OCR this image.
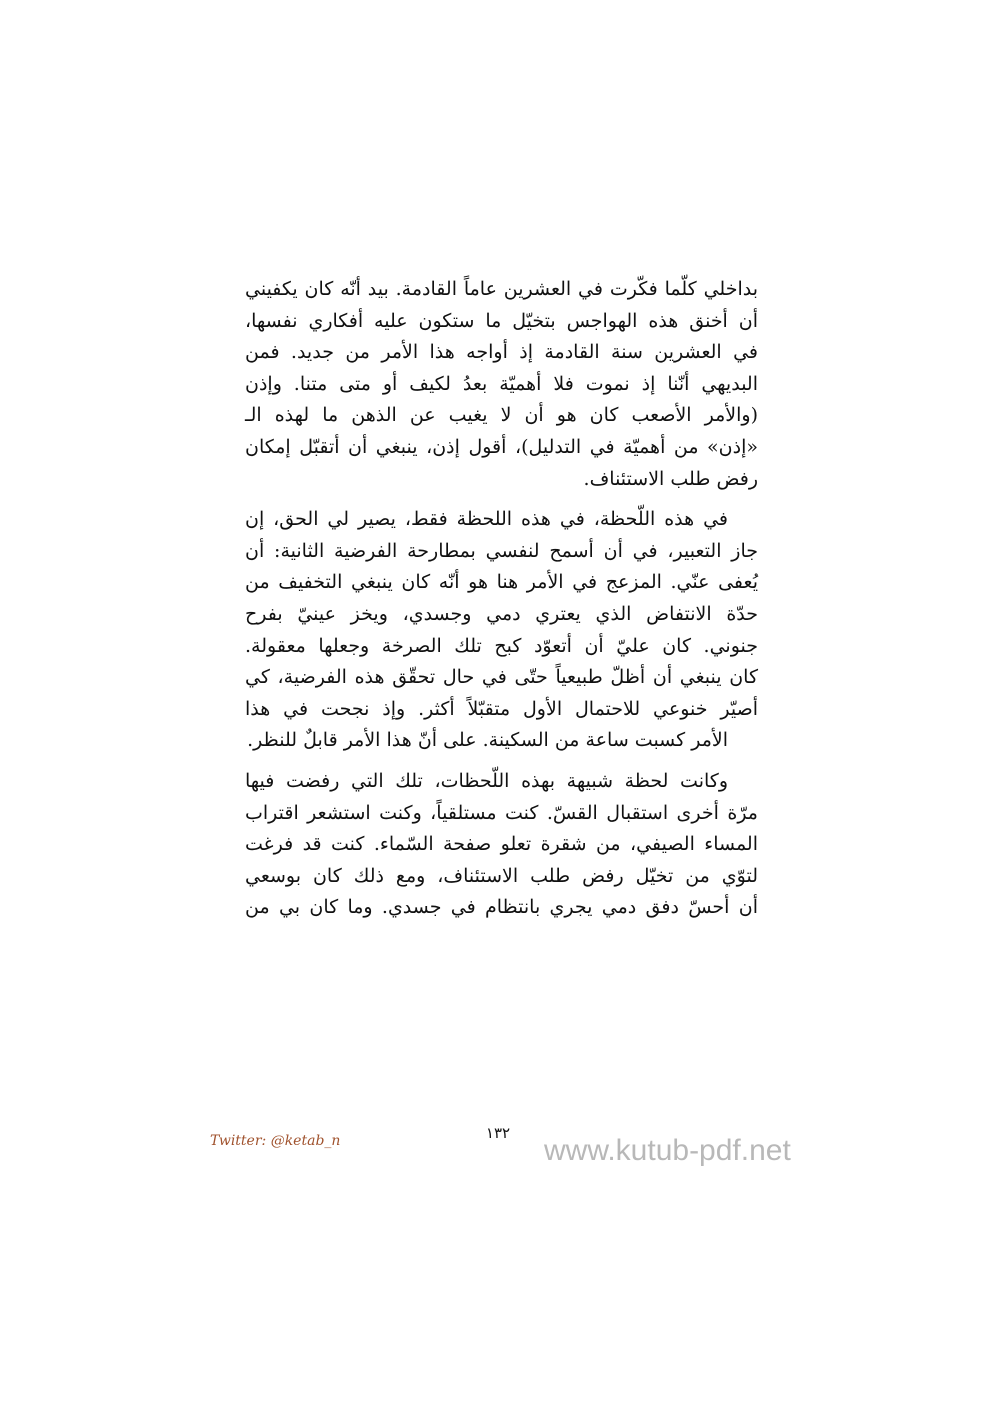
بداخلي كلّما فكّرت في العشرين عاماً القادمة. بيد أنّه كان يكفيني
أن أخنق هذه الهواجس بتخيّل ما ستكون عليه أفكاري نفسها،
في العشرين سنة القادمة إذ أواجه هذا الأمر من جديد. فمن
البديهي أنّنا إذ نموت فلا أهميّة بعدُ لكيف أو متى متنا. وإذن
(والأمر الأصعب كان هو أن لا يغيب عن الذهن ما لهذه الـ
«إذن» من أهميّة في التدليل)، أقول إذن، ينبغي أن أتقبّل إمكان
رفض طلب الاستئناف.

في هذه اللّحظة، في هذه اللحظة فقط، يصير لي الحق، إن
جاز التعبير، في أن أسمح لنفسي بمطارحة الفرضية الثانية: أن
يُعفى عنّي. المزعج في الأمر هنا هو أنّه كان ينبغي التخفيف من
حدّة الانتفاض الذي يعتري دمي وجسدي، ويخز عينيّ بفرح
جنوني. كان عليّ أن أتعوّد كبح تلك الصرخة وجعلها معقولة.
كان ينبغي أن أظلّ طبيعياً حتّى في حال تحقّق هذه الفرضية، كي
أصيّر خنوعي للاحتمال الأول متقبّلاً أكثر. وإذ نجحت في هذا
الأمر كسبت ساعة من السكينة. على أنّ هذا الأمر قابلٌ للنظر.

وكانت لحظة شبيهة بهذه اللّحظات، تلك التي رفضت فيها
مرّة أخرى استقبال القسّ. كنت مستلقياً، وكنت استشعر اقتراب
المساء الصيفي، من شقرة تعلو صفحة السّماء. كنت قد فرغت
لتوّي من تخيّل رفض طلب الاستئناف، ومع ذلك كان بوسعي
أن أحسّ دفق دمي يجري بانتظام في جسدي. وما كان بي من

١٣٢
Twitter: @ketab_n	www.kutub-pdf.net
